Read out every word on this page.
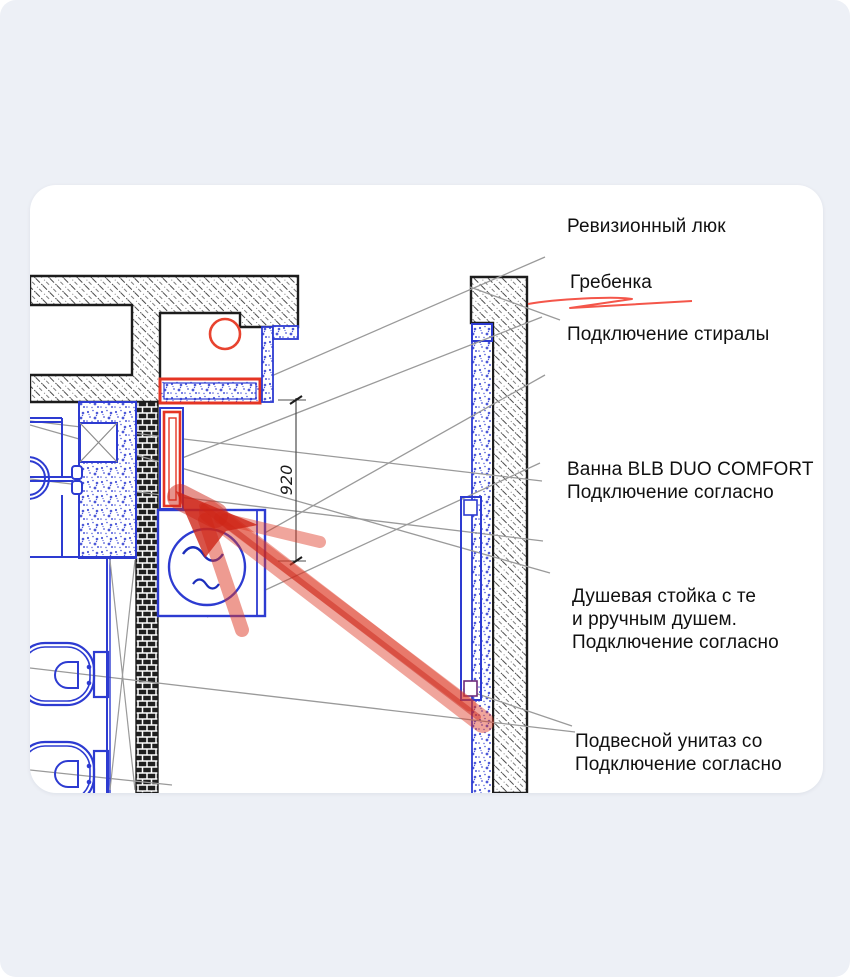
920
Ревизионный люк
Гребенка
Подключение стиралы
Ванна BLB DUO COMFORT
Подключение согласно
Душевая стойка с те
и рручным душем.
Подключение согласно
Подвесной унитаз со
Подключение согласно
